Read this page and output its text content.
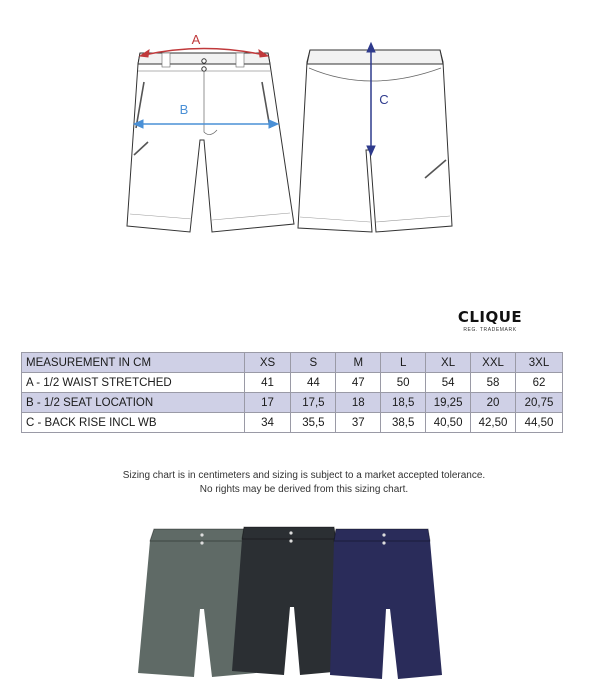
A
B
C
CLIQUE
REG. TRADEMARK
MEASUREMENT IN CM	XS	S	M	L	XL	XXL	3XL
A - 1/2 WAIST STRETCHED	41	44	47	50	54	58	62
B - 1/2 SEAT LOCATION	17	17,5	18	18,5	19,25	20	20,75
C - BACK RISE INCL WB	34	35,5	37	38,5	40,50	42,50	44,50
Sizing chart is in centimeters and sizing is subject to a market accepted tolerance.
No rights may be derived from this sizing chart.
